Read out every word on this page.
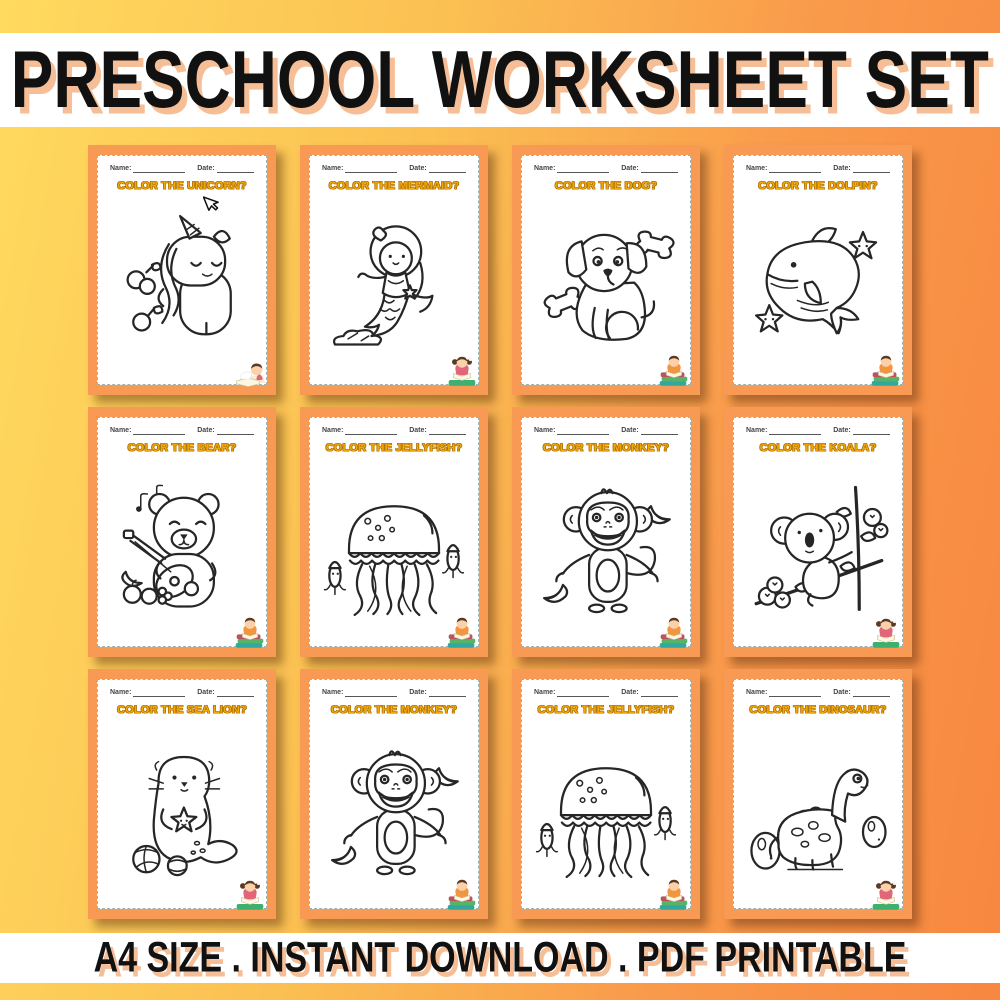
PRESCHOOL WORKSHEET SET
Name:	Date:
COLOR THE UNICORN?
Name:	Date:
COLOR THE MERMAID?
Name:	Date:
COLOR THE DOG?
Name:	Date:
COLOR THE DOLPIN?
Name:	Date:
COLOR THE BEAR?
Name:	Date:
COLOR THE JELLYFISH?
Name:	Date:
COLOR THE MONKEY?
Name:	Date:
COLOR THE KOALA?
Name:	Date:
COLOR THE SEA LION?
Name:	Date:
COLOR THE MONKEY?
Name:	Date:
COLOR THE JELLYFISH?
Name:	Date:
COLOR THE DINOSAUR?
A4 SIZE . INSTANT DOWNLOAD . PDF PRINTABLE
